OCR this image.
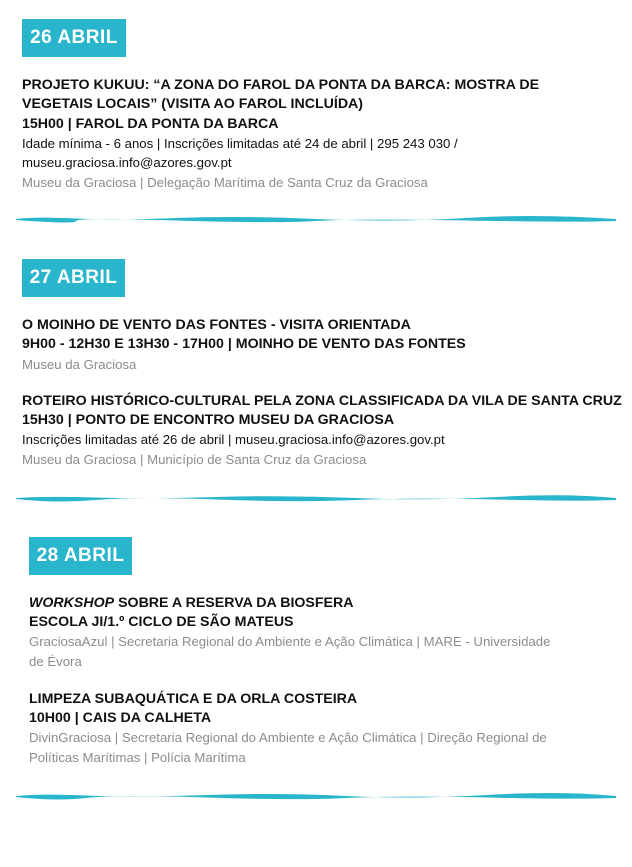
26 ABRIL
PROJETO KUKUU: “A ZONA DO FAROL DA PONTA DA BARCA: MOSTRA DE
VEGETAIS LOCAIS” (VISITA AO FAROL INCLUÍDA)
15H00 | FAROL DA PONTA DA BARCA
Idade mínima - 6 anos | Inscrições limitadas até 24 de abril | 295 243 030 /
museu.graciosa.info@azores.gov.pt
Museu da Graciosa | Delegação Marítima de Santa Cruz da Graciosa
27 ABRIL
O MOINHO DE VENTO DAS FONTES - VISITA ORIENTADA
9H00 - 12H30 E 13H30 - 17H00 | MOINHO DE VENTO DAS FONTES
Museu da Graciosa
ROTEIRO HISTÓRICO-CULTURAL PELA ZONA CLASSIFICADA DA VILA DE SANTA CRUZ
15H30 | PONTO DE ENCONTRO MUSEU DA GRACIOSA
Inscrições limitadas até 26 de abril | museu.graciosa.info@azores.gov.pt
Museu da Graciosa | Município de Santa Cruz da Graciosa
28 ABRIL
WORKSHOP SOBRE A RESERVA DA BIOSFERA
ESCOLA JI/1.º CICLO DE SÃO MATEUS
GraciosaAzul | Secretaria Regional do Ambiente e Ação Climática | MARE - Universidade
de Évora
LIMPEZA SUBAQUÁTICA E DA ORLA COSTEIRA
10H00 | CAIS DA CALHETA
DivinGraciosa | Secretaria Regional do Ambiente e Ação Climática | Direção Regional de
Políticas Marítimas | Polícia Marítima
